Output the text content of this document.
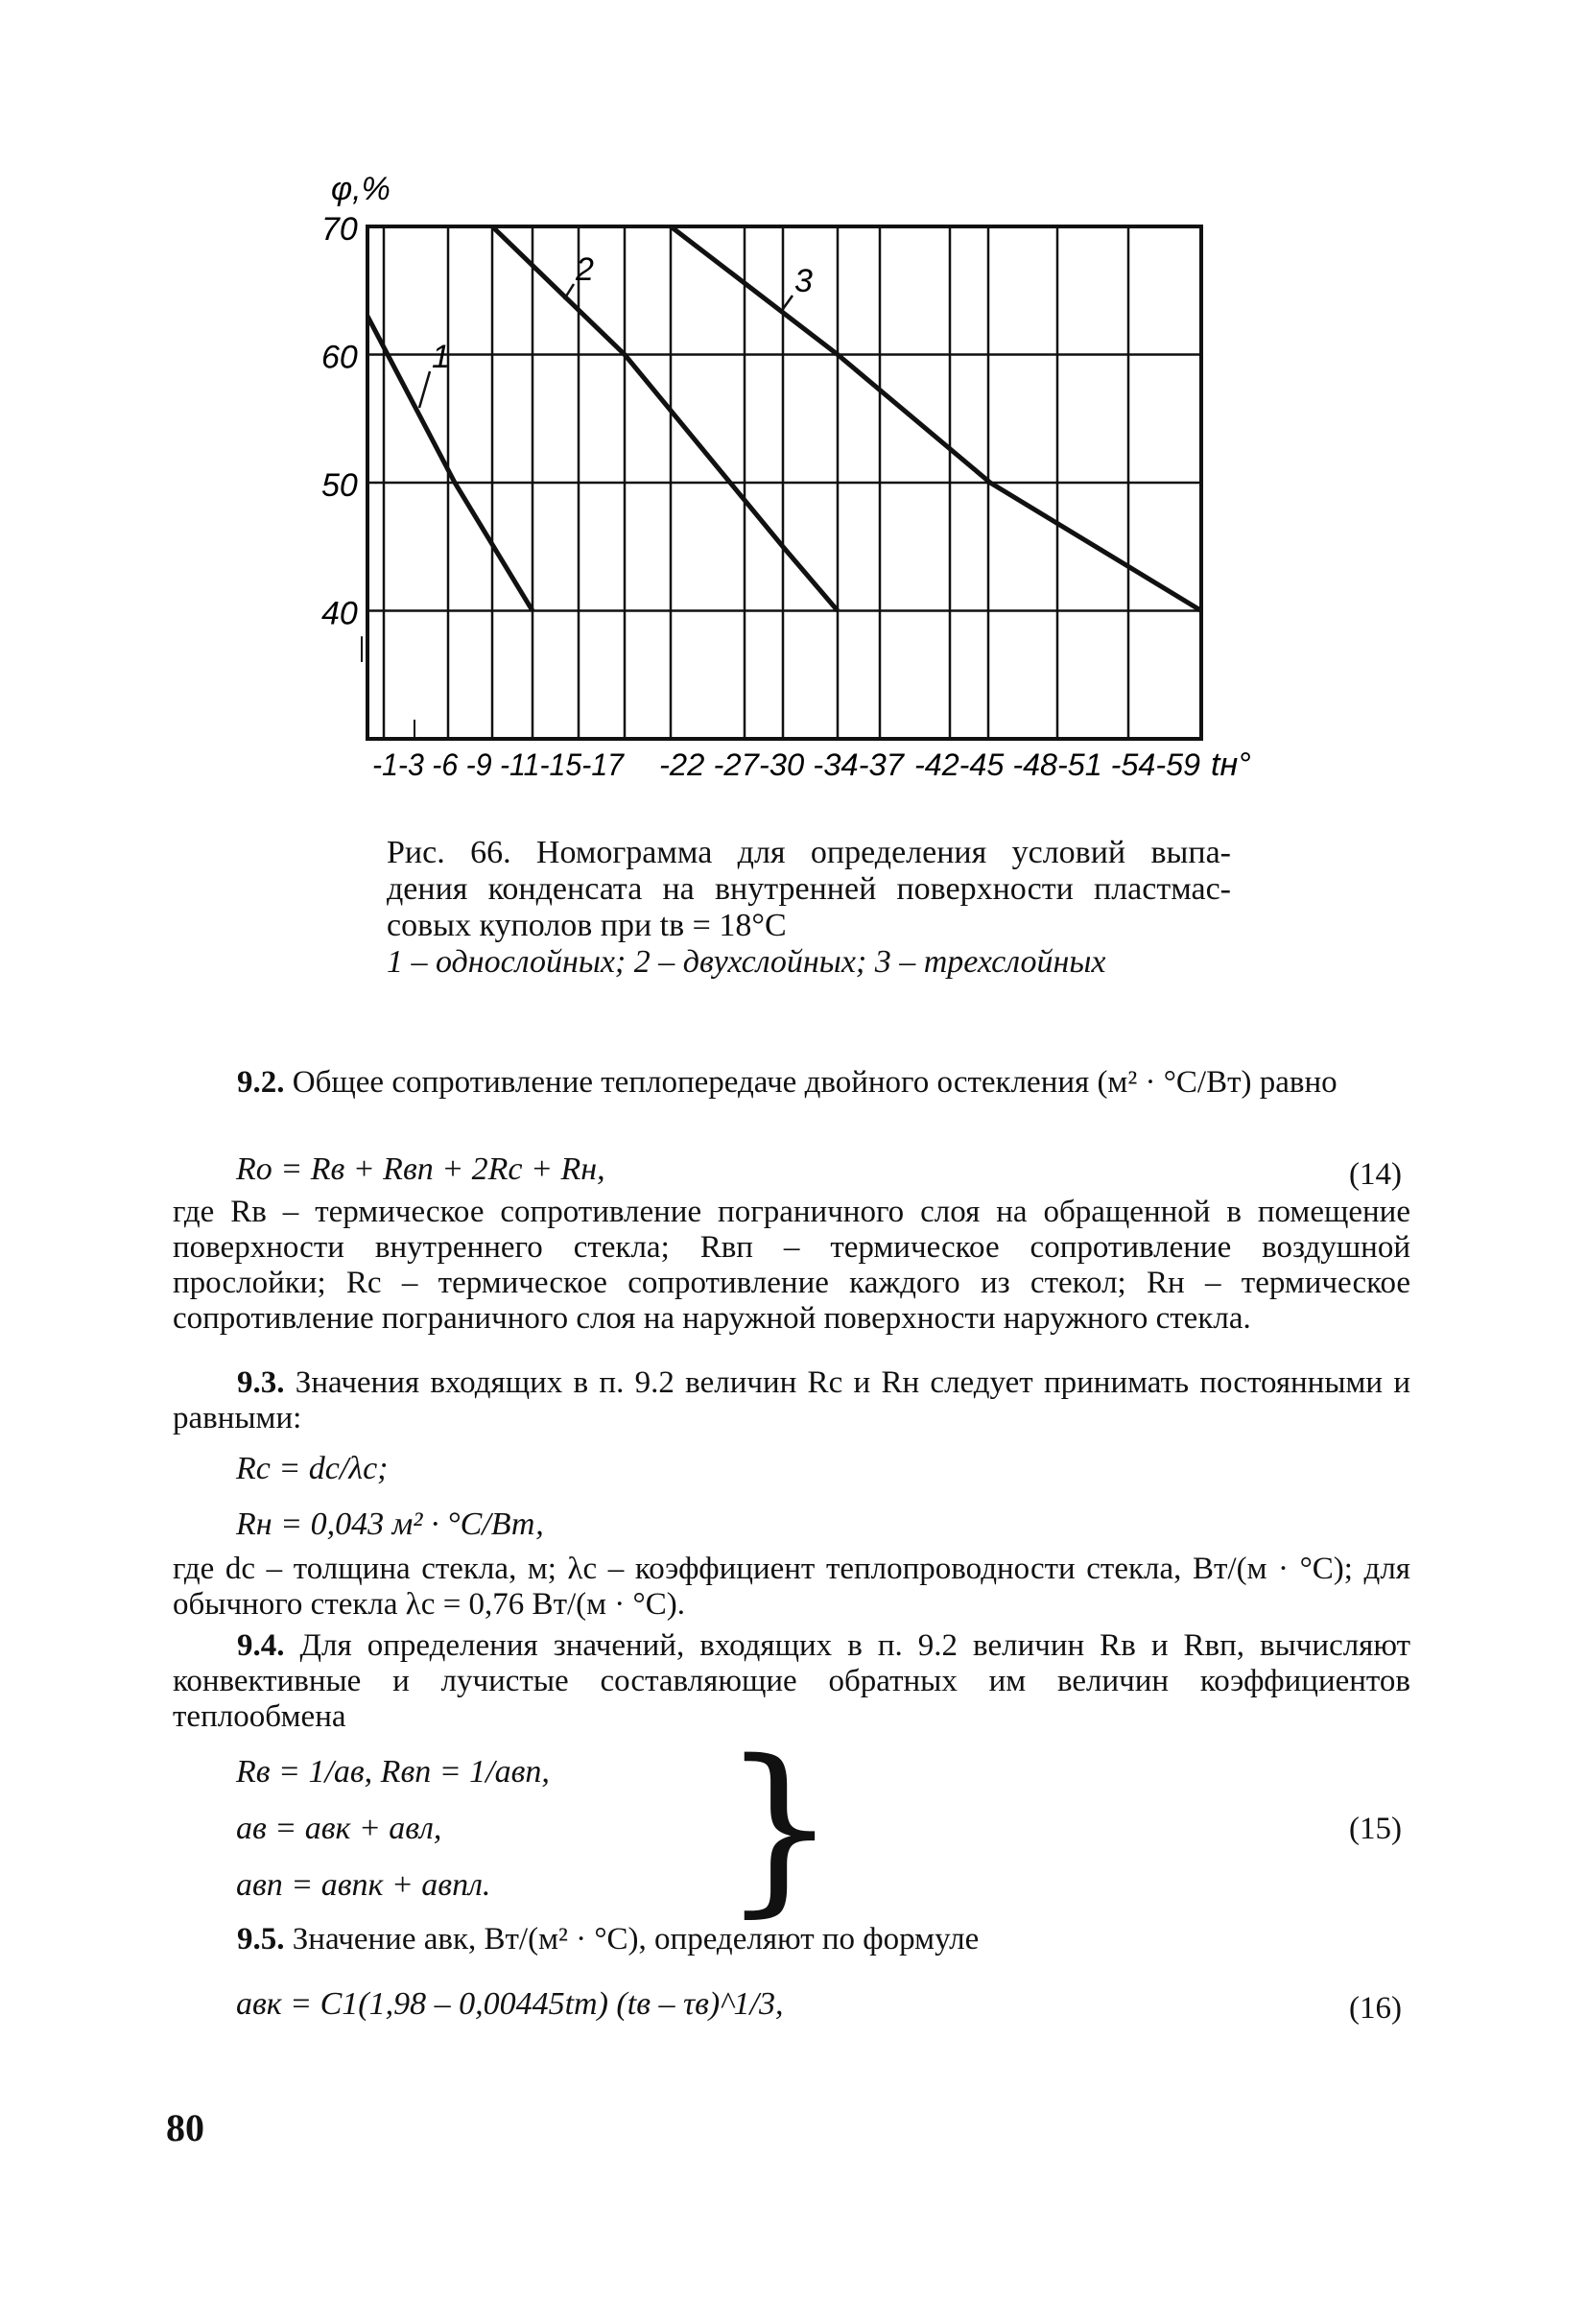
φ,%
tн°
-1-3 -6 -9 -11-15-17 -22 -27-30 -34-37 -42-45 -48-51 -54-59
70
60
50
40
1
2	3

Рис. 66. Номограмма для определения условий выпа-

дения конденсата на внутренней поверхности пластмас-

совых куполов при tв = 18°С

1 – однослойных; 2 – двухслойных; 3 – трехслойных

9.2. Общее сопротивление теплопередаче двойного остекления (м² · °С/Вт) равно

Rо = Rв + Rвп + 2Rс + Rн,	(14)

где Rв – термическое сопротивление пограничного слоя на обращенной в помещение поверхности внутреннего стекла; Rвп – термическое сопротивление воздушной прослойки; Rс – термическое сопротивление каждого из стекол; Rн – термическое сопротивление пограничного слоя на наружной поверхности наружного стекла.

9.3. Значения входящих в п. 9.2 величин Rс и Rн следует принимать постоянными и равными:

Rс = dс/λс;
Rн = 0,043 м² · °С/Вт,

где dс – толщина стекла, м; λс – коэффициент теплопроводности стекла, Вт/(м · °С); для обычного стекла λс = 0,76 Вт/(м · °С).

9.4. Для определения значений, входящих в п. 9.2 величин Rв и Rвп, вычисляют конвективные и лучистые составляющие обратных им величин коэффициентов теплообмена

Rв = 1/aв, Rвп = 1/aвп,
aв = aвк + aвл,
aвп = aвпк + aвпл. }	(15)

9.5. Значение aвк, Вт/(м² · °С), определяют по формуле

aвк = C1(1,98 – 0,00445tm) (tв – τв)^1/3,	(16)
80
